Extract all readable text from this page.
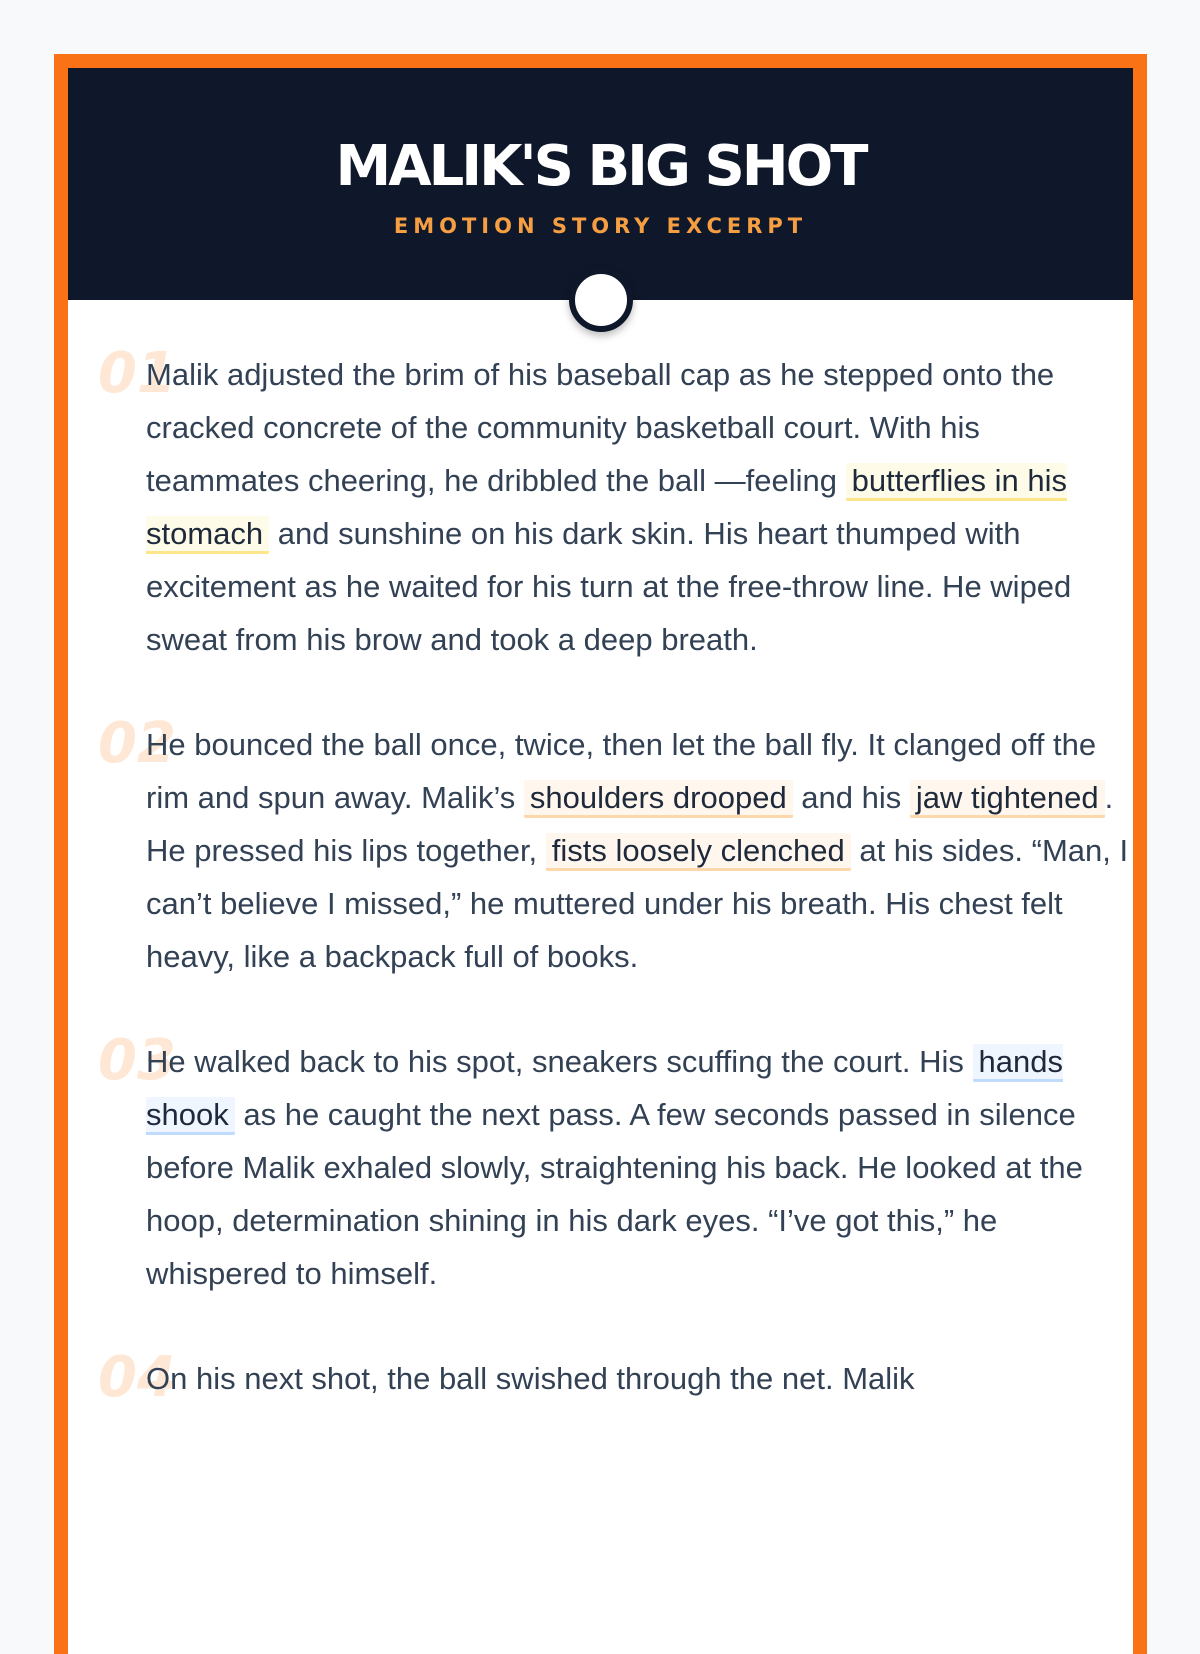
MALIK'S BIG SHOT
EMOTION STORY EXCERPT
01
Malik adjusted the brim of his baseball cap as he stepped onto the cracked concrete of the community basketball court. With his teammates cheering, he dribbled the ball —feeling butterflies in his stomach and sunshine on his dark skin. His heart thumped with excitement as he waited for his turn at the free-throw line. He wiped sweat from his brow and took a deep breath.
02
He bounced the ball once, twice, then let the ball fly. It clanged off the rim and spun away. Malik’s shoulders drooped and his jaw tightened . He pressed his lips together, fists loosely clenched at his sides. “Man, I can’t believe I missed,” he muttered under his breath. His chest felt heavy, like a backpack full of books.
03
He walked back to his spot, sneakers scuffing the court. His hands shook as he caught the next pass. A few seconds passed in silence before Malik exhaled slowly, straightening his back. He looked at the hoop, determination shining in his dark eyes. “I’ve got this,” he whispered to himself.
04
On his next shot, the ball swished through the net. Malik
